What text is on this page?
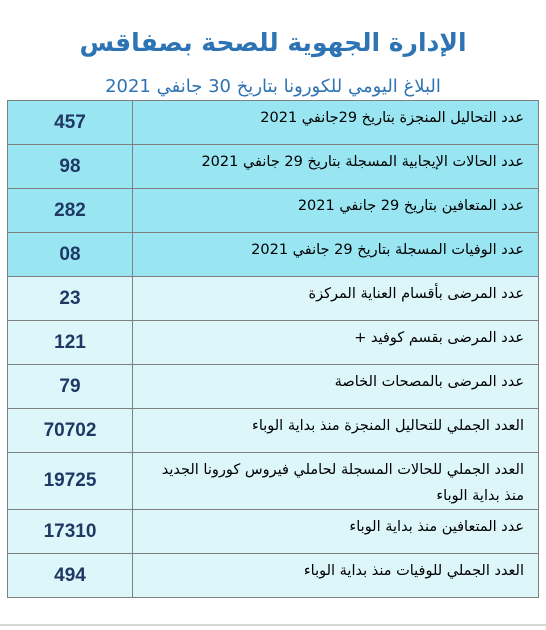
الإدارة الجهوية للصحة بصفاقس
البلاغ اليومي للكورونا بتاريخ 30 جانفي 2021
457	عدد التحاليل المنجزة بتاريخ 29جانفي 2021
98	عدد الحالات الإيجابية المسجلة بتاريخ 29 جانفي 2021
282	عدد المتعافين بتاريخ 29 جانفي 2021
08	عدد الوفيات المسجلة بتاريخ 29 جانفي 2021
23	عدد المرضى بأقسام العناية المركزة
121	عدد المرضى بقسم كوفيد +
79	عدد المرضى بالمصحات الخاصة
70702	العدد الجملي للتحاليل المنجزة منذ بداية الوباء
19725	العدد الجملي للحالات المسجلة لحاملي فيروس كورونا الجديد منذ بداية الوباء
17310	عدد المتعافين منذ بداية الوباء
494	العدد الجملي للوفيات منذ بداية الوباء
